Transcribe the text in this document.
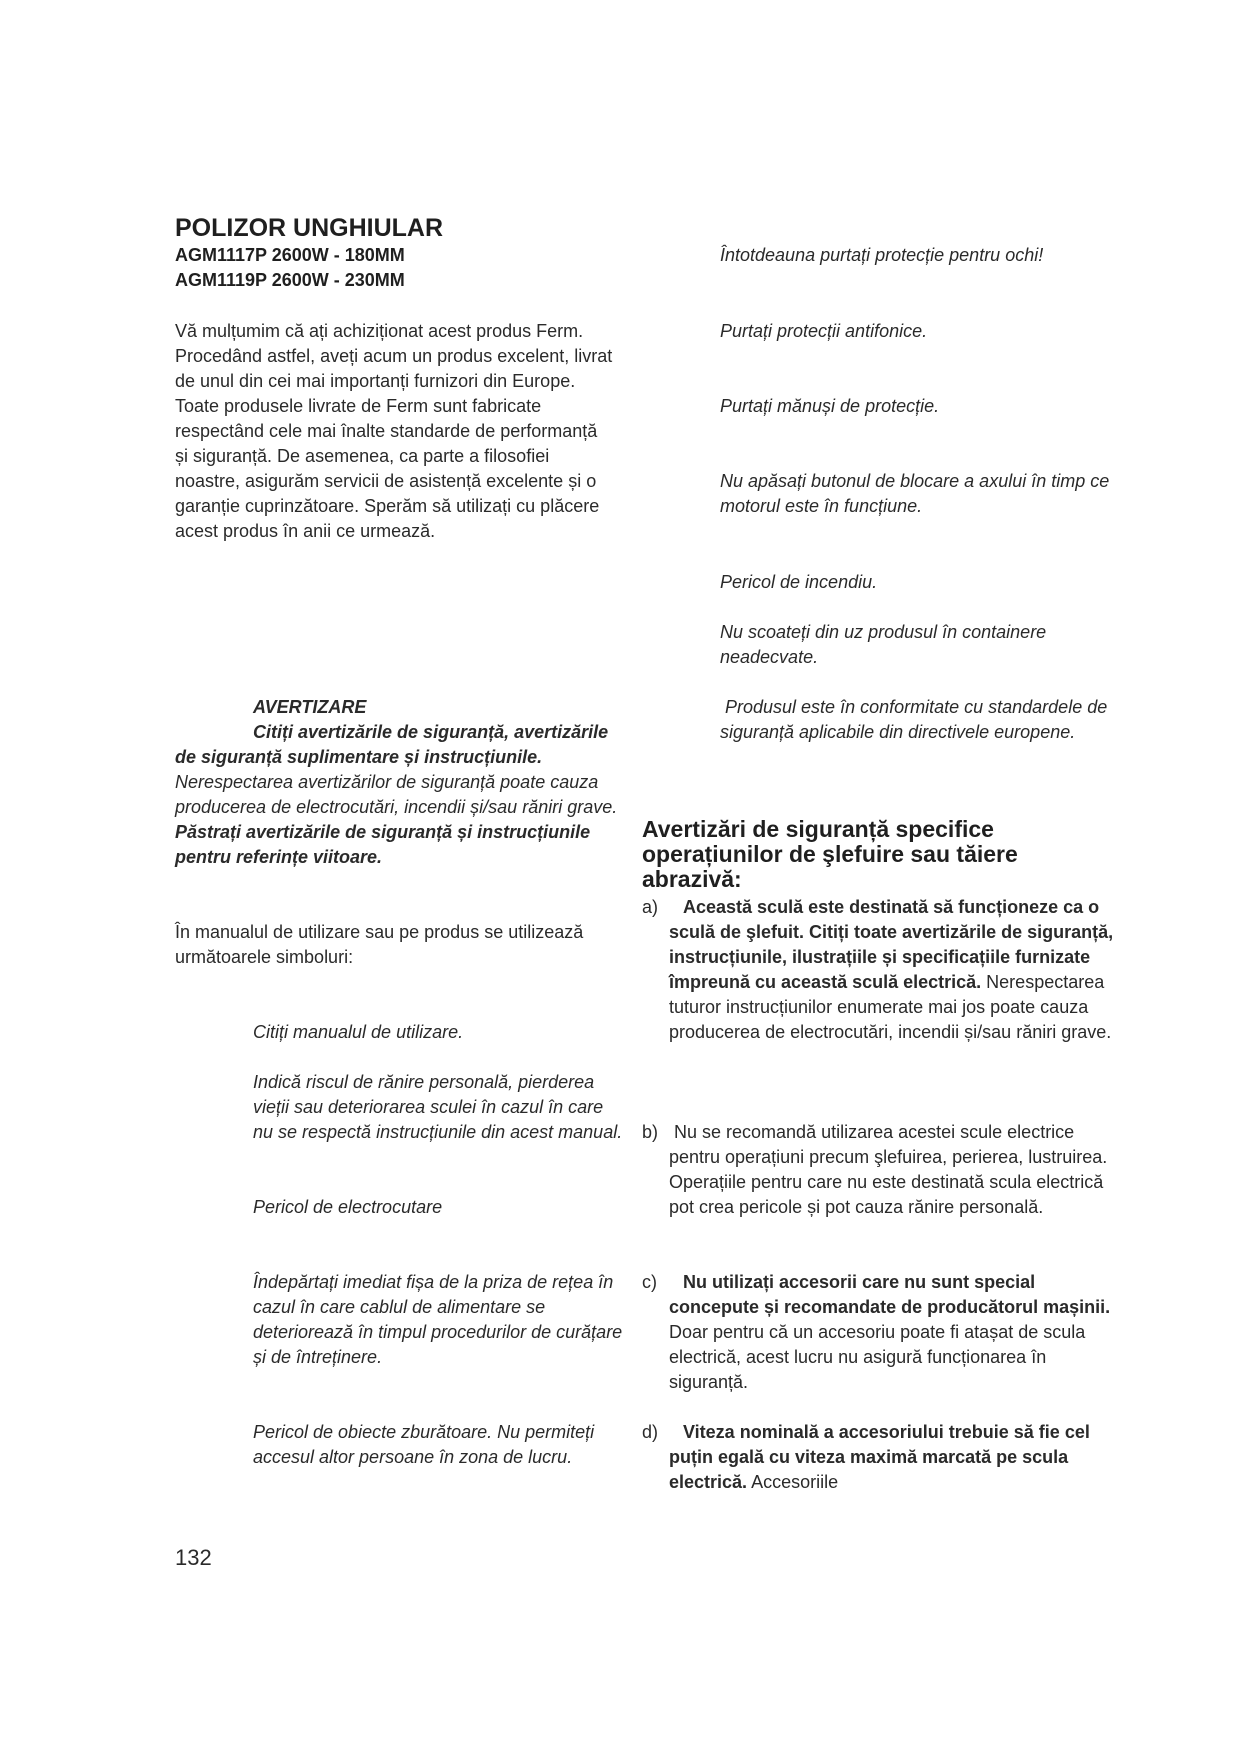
POLIZOR UNGHIULAR
AGM1117P 2600W - 180MM
AGM1119P 2600W - 230MM
Vă mulțumim că ați achiziționat acest produs Ferm. Procedând astfel, aveți acum un produs excelent, livrat de unul din cei mai importanți furnizori din Europe. Toate produsele livrate de Ferm sunt fabricate respectând cele mai înalte standarde de performanță și siguranță. De asemenea, ca parte a filosofiei noastre, asigurăm servicii de asistență excelente și o garanție cuprinzătoare. Sperăm să utilizați cu plăcere acest produs în anii ce urmează.
AVERTIZARE
Citiți avertizările de siguranță, avertizările de siguranță suplimentare și instrucțiunile. Nerespectarea avertizărilor de siguranță poate cauza producerea de electrocutări, incendii și/sau răniri grave. Păstrați avertizările de siguranță și instrucțiunile pentru referințe viitoare.
În manualul de utilizare sau pe produs se utilizează următoarele simboluri:
Citiți manualul de utilizare.
Indică riscul de rănire personală, pierderea vieții sau deteriorarea sculei în cazul în care nu se respectă instrucțiunile din acest manual.
Pericol de electrocutare
Îndepărtați imediat fișa de la priza de rețea în cazul în care cablul de alimentare se deteriorează în timpul procedurilor de curățare și de întreținere.
Pericol de obiecte zburătoare. Nu permiteți accesul altor persoane în zona de lucru.
Întotdeauna purtați protecție pentru ochi!
Purtați protecții antifonice.
Purtați mănuși de protecție.
Nu apăsați butonul de blocare a axului în timp ce motorul este în funcțiune.
Pericol de incendiu.
Nu scoateți din uz produsul în containere neadecvate.
Produsul este în conformitate cu standardele de siguranță aplicabile din directivele europene.
Avertizări de siguranță specifice operațiunilor de şlefuire sau tăiere abrazivă:
a)	Această sculă este destinată să funcționeze ca o sculă de şlefuit. Citiți toate avertizările de siguranță, instrucțiunile, ilustrațiile și specificațiile furnizate împreună cu această sculă electrică. Nerespectarea tuturor instrucțiunilor enumerate mai jos poate cauza producerea de electrocutări, incendii și/sau răniri grave.
b) Nu se recomandă utilizarea acestei scule electrice pentru operațiuni precum şlefuirea, perierea, lustruirea. Operațiile pentru care nu este destinată scula electrică pot crea pericole și pot cauza rănire personală.
c)	Nu utilizați accesorii care nu sunt special concepute și recomandate de producătorul mașinii. Doar pentru că un accesoriu poate fi atașat de scula electrică, acest lucru nu asigură funcționarea în siguranță.
d)	Viteza nominală a accesoriului trebuie să fie cel puțin egală cu viteza maximă marcată pe scula electrică. Accesoriile
132
